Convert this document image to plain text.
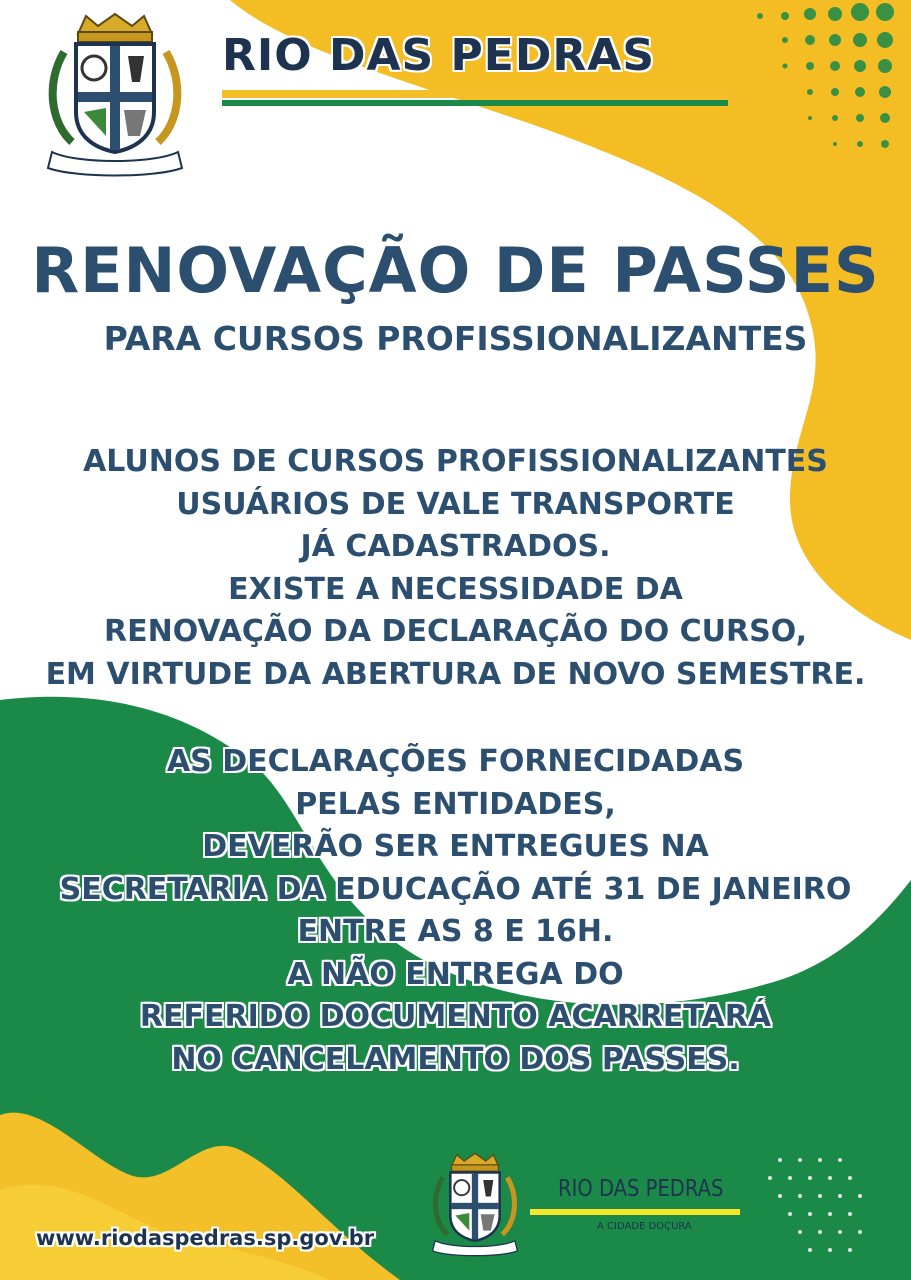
RIO DAS PEDRAS
RENOVAÇÃO DE PASSES
PARA CURSOS PROFISSIONALIZANTES
ALUNOS DE CURSOS PROFISSIONALIZANTES
USUÁRIOS DE VALE TRANSPORTE
JÁ CADASTRADOS.
EXISTE A NECESSIDADE DA
RENOVAÇÃO DA DECLARAÇÃO DO CURSO,
EM VIRTUDE DA ABERTURA DE NOVO SEMESTRE.
AS DECLARAÇÕES FORNECIDADAS
PELAS ENTIDADES,
DEVERÃO SER ENTREGUES NA
SECRETARIA DA EDUCAÇÃO ATÉ 31 DE JANEIRO
ENTRE AS 8 E 16H.
A NÃO ENTREGA DO
REFERIDO DOCUMENTO ACARRETARÁ
NO CANCELAMENTO DOS PASSES.
www.riodaspedras.sp.gov.br
RIO DAS PEDRAS
A CIDADE DOÇURA
